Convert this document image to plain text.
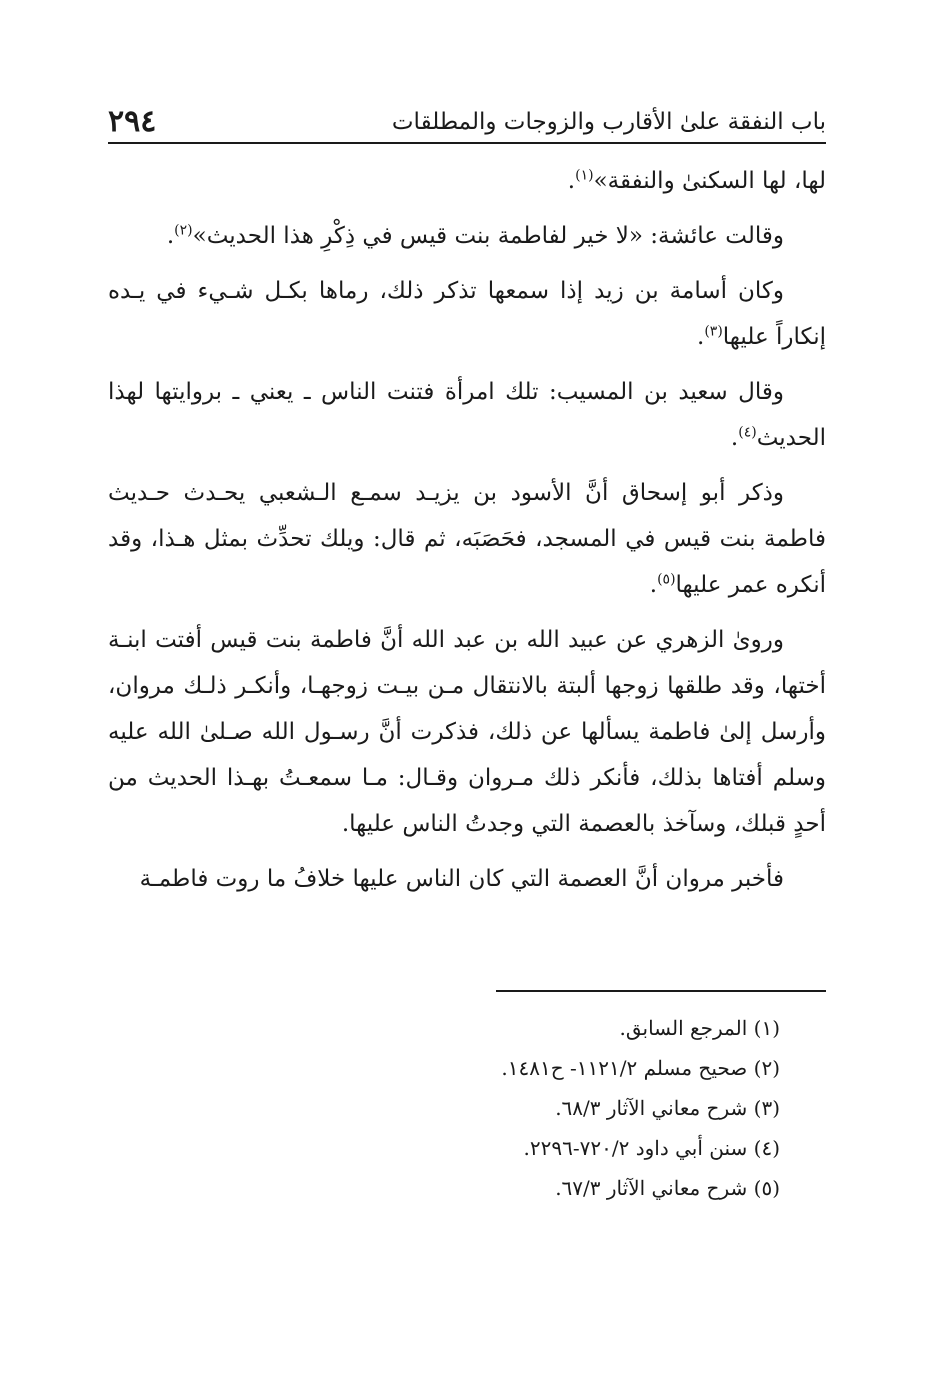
باب النفقة علىٰ الأقارب والزوجات والمطلقات
٢٩٤

لها، لها السكنىٰ والنفقة»$^{(١)}$.

وقالت عائشة: «لا خير لفاطمة بنت قيس في ذِكْرِ هذا الحديث»$^{(٢)}$.

وكان أسامة بن زيد إذا سمعها تذكر ذلك، رماها بكـل شـيء في يـده إنكاراً عليها$^{(٣)}$.

وقال سعيد بن المسيب: تلك امرأة فتنت الناس ـ يعني ـ بروايتها لهذا الحديث$^{(٤)}$.

وذكر أبو إسحاق أنَّ الأسود بن يزيـد سمـع الـشعبي يحـدث حـديث فاطمة بنت قيس في المسجد، فحَصَبَه، ثم قال: ويلك تحدِّث بمثل هـذا، وقد أنكره عمر عليها$^{(٥)}$.

ورویٰ الزهري عن عبيد الله بن عبد الله أنَّ فاطمة بنت قيس أفتت ابنـة أختها، وقد طلقها زوجها ألبتة بالانتقال مـن بيـت زوجهـا، وأنكـر ذلـك مروان، وأرسل إلىٰ فاطمة يسألها عن ذلك، فذكرت أنَّ رسـول الله صـلىٰ الله عليه وسلم أفتاها بذلك، فأنكر ذلك مـروان وقـال: مـا سمعـتُ بهـذا الحديث من أحدٍ قبلك، وسآخذ بالعصمة التي وجدتُ الناس عليها.

فأخبر مروان أنَّ العصمة التي كان الناس عليها خلافُ ما روت فاطمـة

(١) المرجع السابق.
(٢) صحيح مسلم ١١٢١/٢- ح١٤٨١.
(٣) شرح معاني الآثار ٦٨/٣.
(٤) سنن أبي داود ٧٢٠/٢-٢٢٩٦.
(٥) شرح معاني الآثار ٦٧/٣.
